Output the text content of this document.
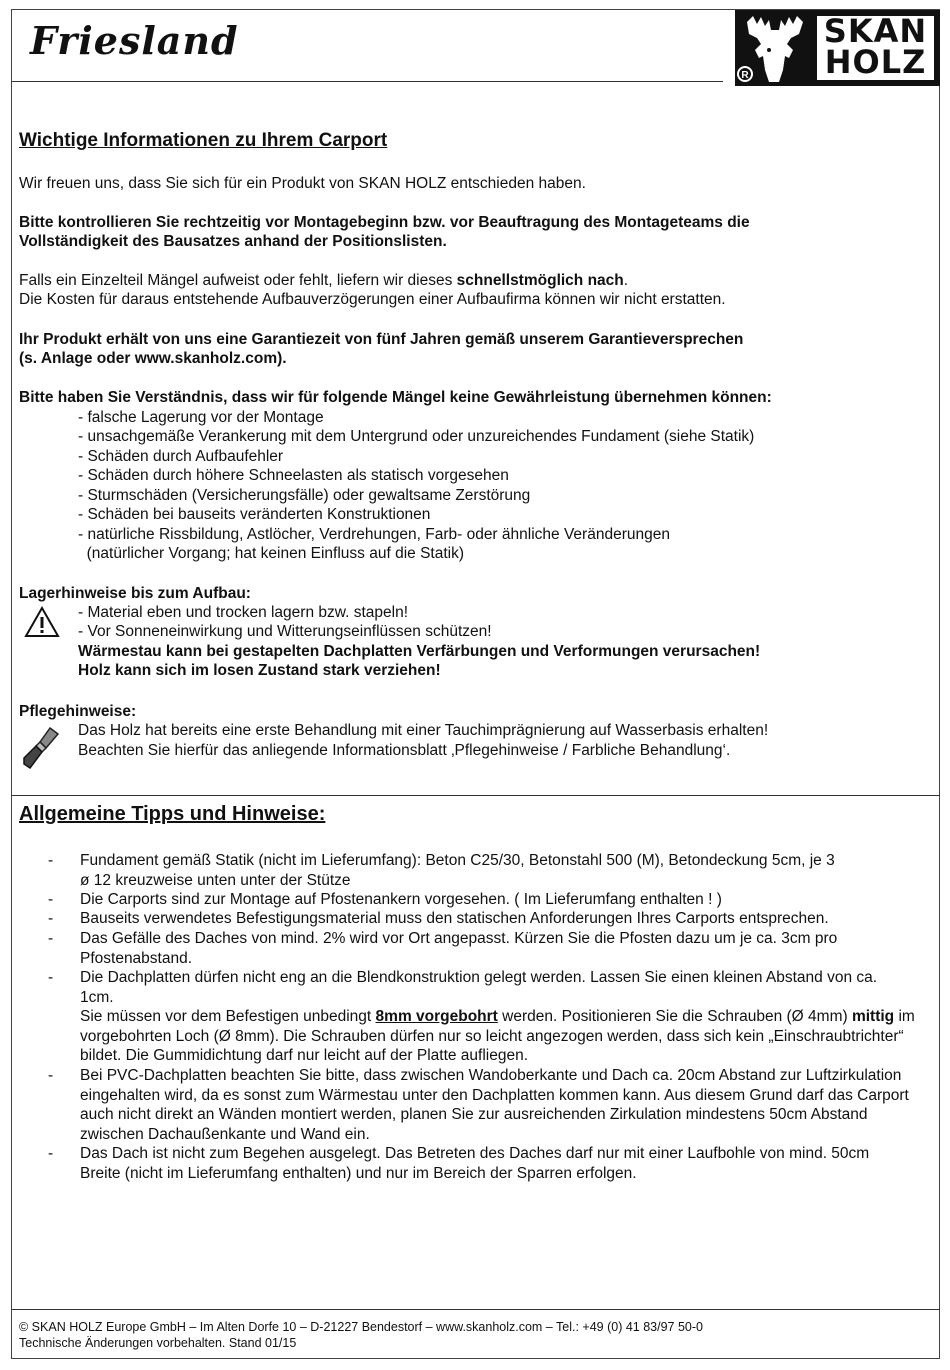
Friesland
R
SKAN
HOLZ
Wichtige Informationen zu Ihrem Carport
Wir freuen uns, dass Sie sich für ein Produkt von SKAN HOLZ entschieden haben.
Bitte kontrollieren Sie rechtzeitig vor Montagebeginn bzw. vor Beauftragung des Montageteams die
Vollständigkeit des Bausatzes anhand der Positionslisten.
Falls ein Einzelteil Mängel aufweist oder fehlt, liefern wir dieses schnellstmöglich nach.
Die Kosten für daraus entstehende Aufbauverzögerungen einer Aufbaufirma können wir nicht erstatten.
Ihr Produkt erhält von uns eine Garantiezeit von fünf Jahren gemäß unserem Garantieversprechen
(s. Anlage oder www.skanholz.com).
Bitte haben Sie Verständnis, dass wir für folgende Mängel keine Gewährleistung übernehmen können:
- falsche Lagerung vor der Montage
- unsachgemäße Verankerung mit dem Untergrund oder unzureichendes Fundament (siehe Statik)
- Schäden durch Aufbaufehler
- Schäden durch höhere Schneelasten als statisch vorgesehen
- Sturmschäden (Versicherungsfälle) oder gewaltsame Zerstörung
- Schäden bei bauseits veränderten Konstruktionen
- natürliche Rissbildung, Astlöcher, Verdrehungen, Farb- oder ähnliche Veränderungen
(natürlicher Vorgang; hat keinen Einfluss auf die Statik)
Lagerhinweise bis zum Aufbau:
- Material eben und trocken lagern bzw. stapeln!
- Vor Sonneneinwirkung und Witterungseinflüssen schützen!
Wärmestau kann bei gestapelten Dachplatten Verfärbungen und Verformungen verursachen!
Holz kann sich im losen Zustand stark verziehen!
Pflegehinweise:
Das Holz hat bereits eine erste Behandlung mit einer Tauchimprägnierung auf Wasserbasis erhalten!
Beachten Sie hierfür das anliegende Informationsblatt ‚Pflegehinweise / Farbliche Behandlung‘.
Allgemeine Tipps und Hinweise:
- Fundament gemäß Statik (nicht im Lieferumfang): Beton C25/30, Betonstahl 500 (M), Betondeckung 5cm, je 3 ø 12 kreuzweise unten unter der Stütze
- Die Carports sind zur Montage auf Pfostenankern vorgesehen. ( Im Lieferumfang enthalten ! )
- Bauseits verwendetes Befestigungsmaterial muss den statischen Anforderungen Ihres Carports entsprechen.
- Das Gefälle des Daches von mind. 2% wird vor Ort angepasst. Kürzen Sie die Pfosten dazu um je ca. 3cm pro Pfostenabstand.
- Die Dachplatten dürfen nicht eng an die Blendkonstruktion gelegt werden. Lassen Sie einen kleinen Abstand von ca. 1cm.
Sie müssen vor dem Befestigen unbedingt 8mm vorgebohrt werden. Positionieren Sie die Schrauben (Ø 4mm) mittig im vorgebohrten Loch (Ø 8mm). Die Schrauben dürfen nur so leicht angezogen werden, dass sich kein „Einschraubtrichter“ bildet. Die Gummidichtung darf nur leicht auf der Platte aufliegen.
- Bei PVC-Dachplatten beachten Sie bitte, dass zwischen Wandoberkante und Dach ca. 20cm Abstand zur Luftzirkulation eingehalten wird, da es sonst zum Wärmestau unter den Dachplatten kommen kann. Aus diesem Grund darf das Carport auch nicht direkt an Wänden montiert werden, planen Sie zur ausreichenden Zirkulation mindestens 50cm Abstand zwischen Dachaußenkante und Wand ein.
- Das Dach ist nicht zum Begehen ausgelegt. Das Betreten des Daches darf nur mit einer Laufbohle von mind. 50cm Breite (nicht im Lieferumfang enthalten) und nur im Bereich der Sparren erfolgen.
© SKAN HOLZ Europe GmbH – Im Alten Dorfe 10 – D-21227 Bendestorf – www.skanholz.com – Tel.: +49 (0) 41 83/97 50-0
Technische Änderungen vorbehalten. Stand 01/15
